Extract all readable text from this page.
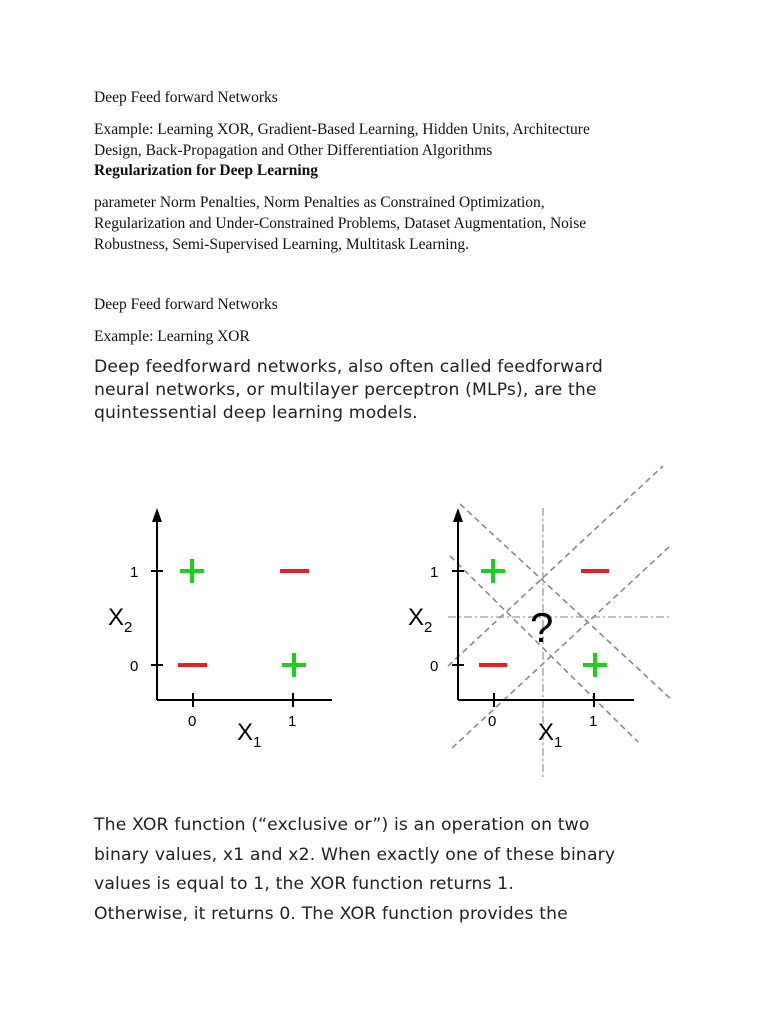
Deep Feed forward Networks

Example: Learning XOR, Gradient-Based Learning, Hidden Units, Architecture
Design, Back-Propagation and Other Differentiation Algorithms

Regularization for Deep Learning

parameter Norm Penalties, Norm Penalties as Constrained Optimization,
Regularization and Under-Constrained Problems, Dataset Augmentation, Noise
Robustness, Semi-Supervised Learning, Multitask Learning.

Deep Feed forward Networks

Example: Learning XOR

Deep feedforward networks, also often called feedforward
neural networks, or multilayer perceptron (MLPs), are the
quintessential deep learning models.

1
0
0	1
$X_2$
$X_1$
1
0
0	1
$X_2$
$X_1$
?

The XOR function (“exclusive or”) is an operation on two
binary values, x1 and x2. When exactly one of these binary
values is equal to 1, the XOR function returns 1.
Otherwise, it returns 0. The XOR function provides the
